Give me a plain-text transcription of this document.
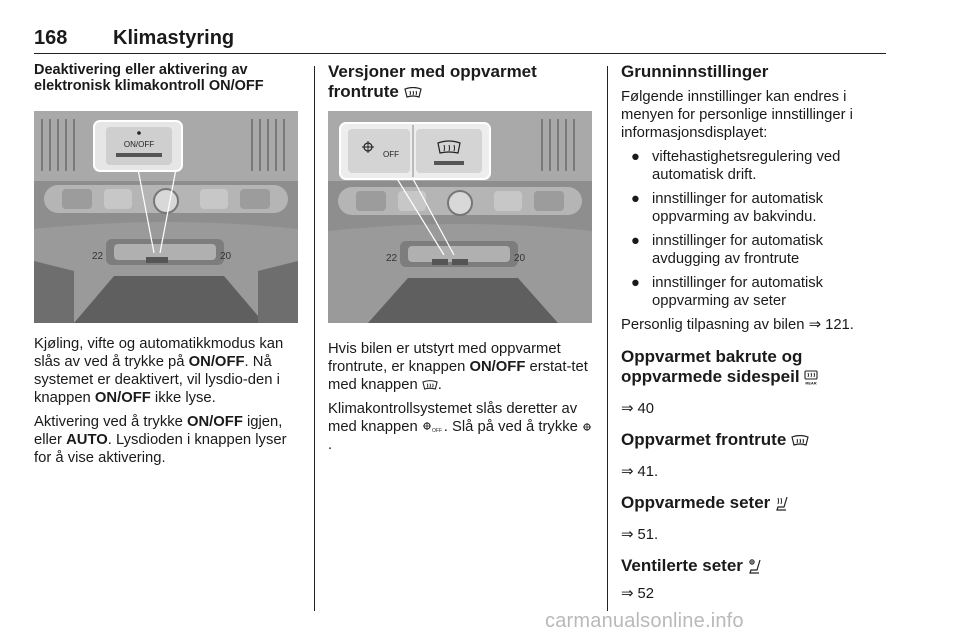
168 Klimastyring
Deaktivering eller aktivering av elektronisk klimakontroll ON/OFF
22	20
ON/OFF

Kjøling, vifte og automatikkmodus kan slås av ved å trykke på ON/OFF. Nå systemet er deaktivert, vil lysdio-den i knappen ON/OFF ikke lyse.

Aktivering ved å trykke ON/OFF igjen, eller AUTO. Lysdioden i knappen lyser for å vise aktivering.

Versjoner med oppvarmet frontrute
22	20
OFF

Hvis bilen er utstyrt med oppvarmet frontrute, er knappen ON/OFF erstat-tet med knappen .

Klimakontrollsystemet slås deretter av med knappen	OFF . Slå på ved å trykke .

Grunninnstillinger

Følgende innstillinger kan endres i menyen for personlige innstillinger i informasjonsdisplayet:

● viftehastighetsregulering ved automatisk drift.
● innstillinger for automatisk oppvarming av bakvindu.
● innstillinger for automatisk avdugging av frontrute
● innstillinger for automatisk oppvarming av seter

Personlig tilpasning av bilen ⇒ 121.

Oppvarmet bakrute og oppvarmede sidespeil REAR

⇒ 40

Oppvarmet frontrute

⇒ 41.

Oppvarmede seter

⇒ 51.

Ventilerte seter

⇒ 52

carmanualsonline.info
